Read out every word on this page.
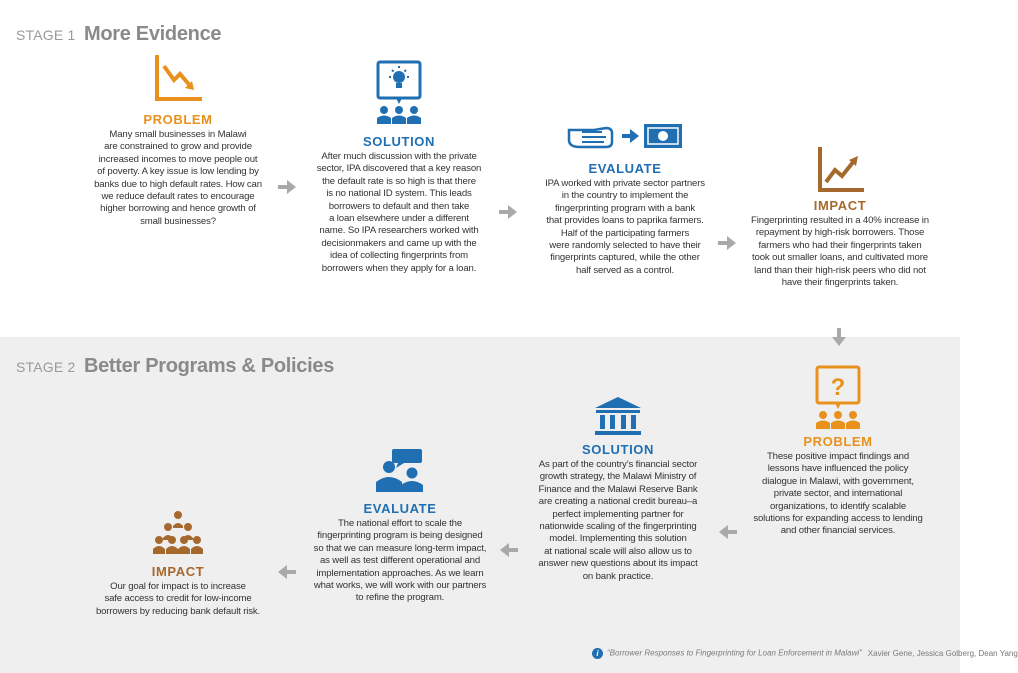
STAGE 1 More Evidence
PROBLEM
Many small businesses in Malawi
are constrained to grow and provide
increased incomes to move people out
of poverty. A key issue is low lending by
banks due to high default rates. How can
we reduce default rates to encourage
higher borrowing and hence growth of
small businesses?
SOLUTION
After much discussion with the private
sector, IPA discovered that a key reason
the default rate is so high is that there
is no national ID system. This leads
borrowers to default and then take
a loan elsewhere under a different
name. So IPA researchers worked with
decisionmakers and came up with the
idea of collecting fingerprints from
borrowers when they apply for a loan.
EVALUATE
IPA worked with private sector partners
in the country to implement the
fingerprinting program with a bank
that provides loans to paprika farmers.
Half of the participating farmers
were randomly selected to have their
fingerprints captured, while the other
half served as a control.
IMPACT
Fingerprinting resulted in a 40% increase in
repayment by high-risk borrowers. Those
farmers who had their fingerprints taken
took out smaller loans, and cultivated more
land than their high-risk peers who did not
have their fingerprints taken.
STAGE 2 Better Programs & Policies
?
PROBLEM
These positive impact findings and
lessons have influenced the policy
dialogue in Malawi, with government,
private sector, and international
organizations, to identify scalable
solutions for expanding access to lending
and other financial services.
SOLUTION
As part of the country’s financial sector
growth strategy, the Malawi Ministry of
Finance and the Malawi Reserve Bank
are creating a national credit bureau–a
perfect implementing partner for
nationwide scaling of the fingerprinting
model. Implementing this solution
at national scale will also allow us to
answer new questions about its impact
on bank practice.
EVALUATE
The national effort to scale the
fingerprinting program is being designed
so that we can measure long-term impact,
as well as test different operational and
implementation approaches. As we learn
what works, we will work with our partners
to refine the program.
IMPACT
Our goal for impact is to increase
safe access to credit for low-income
borrowers by reducing bank default risk.
i “Borrower Responses to Fingerprinting for Loan Enforcement in Malawi” Xavier Gene, Jessica Golberg, Dean Yang
